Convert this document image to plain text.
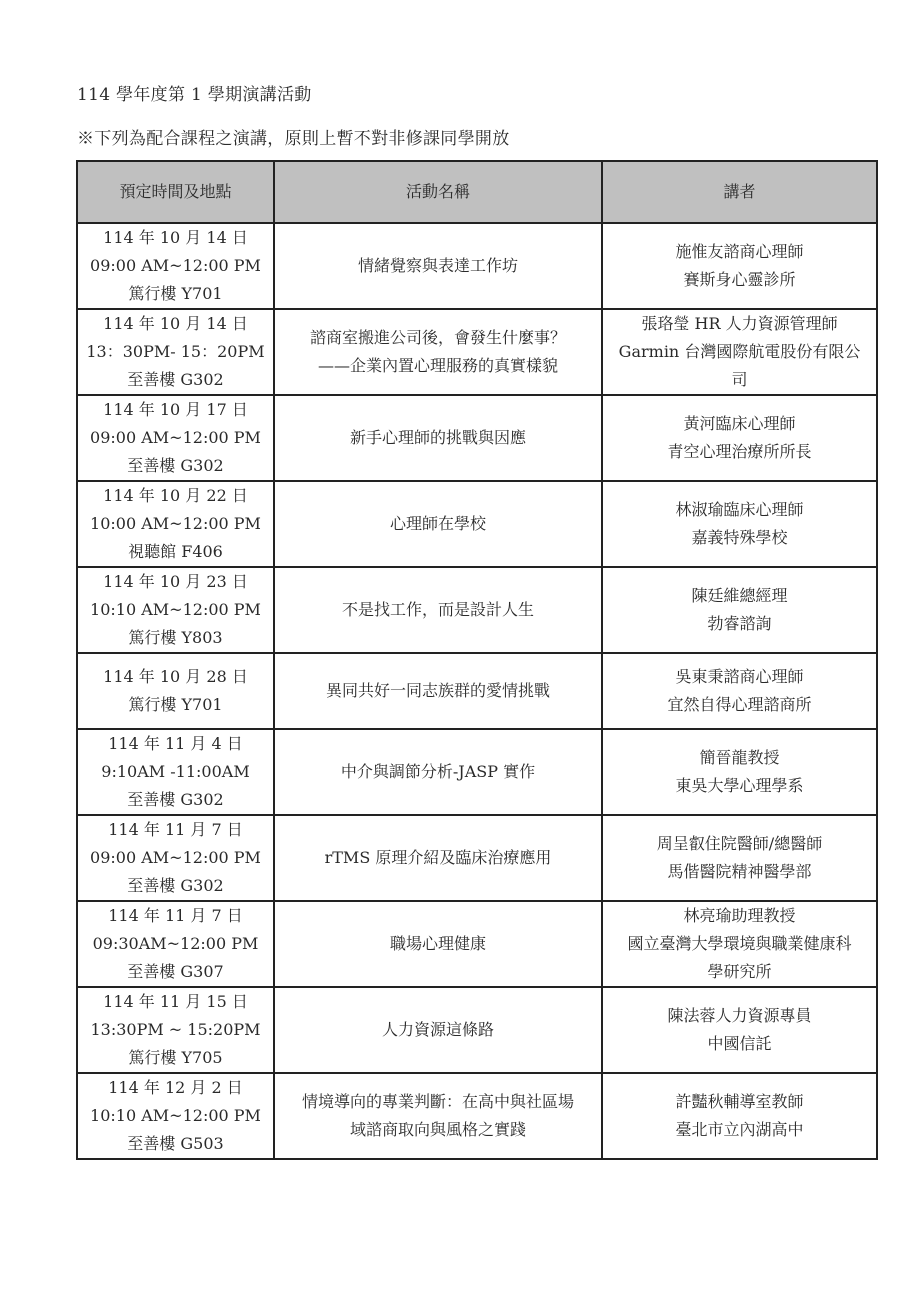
114 學年度第 1 學期演講活動
※下列為配合課程之演講，原則上暫不對非修課同學開放
預定時間及地點	活動名稱	講者

114 年 10 月 14 日
09:00 AM~12:00 PM
篤行樓 Y701	情緒覺察與表達工作坊	施惟友諮商心理師
賽斯身心靈診所

114 年 10 月 14 日
13：30PM- 15：20PM
至善樓 G302	諮商室搬進公司後，會發生什麼事？
——企業內置心理服務的真實樣貌	張珞瑩 HR 人力資源管理師
Garmin 台灣國際航電股份有限公
司

114 年 10 月 17 日
09:00 AM~12:00 PM
至善樓 G302	新手心理師的挑戰與因應	黃河臨床心理師
青空心理治療所所長

114 年 10 月 22 日
10:00 AM~12:00 PM
視聽館 F406	心理師在學校	林淑瑜臨床心理師
嘉義特殊學校

114 年 10 月 23 日
10:10 AM~12:00 PM
篤行樓 Y803	不是找工作，而是設計人生	陳廷維總經理
勃睿諮詢

114 年 10 月 28 日
篤行樓 Y701	異同共好一同志族群的愛情挑戰	吳東秉諮商心理師
宜然自得心理諮商所

114 年 11 月 4 日
9:10AM -11:00AM
至善樓 G302	中介與調節分析-JASP 實作	簡晉龍教授
東吳大學心理學系

114 年 11 月 7 日
09:00 AM~12:00 PM
至善樓 G302	rTMS 原理介紹及臨床治療應用	周呈叡住院醫師/總醫師
馬偕醫院精神醫學部

114 年 11 月 7 日
09:30AM~12:00 PM
至善樓 G307	職場心理健康	林亮瑜助理教授
國立臺灣大學環境與職業健康科
學研究所

114 年 11 月 15 日
13:30PM ~ 15:20PM
篤行樓 Y705	人力資源這條路	陳法蓉人力資源專員
中國信託

114 年 12 月 2 日
10:10 AM~12:00 PM
至善樓 G503	情境導向的專業判斷：在高中與社區場
域諮商取向與風格之實踐	許豔秋輔導室教師
臺北市立內湖高中
